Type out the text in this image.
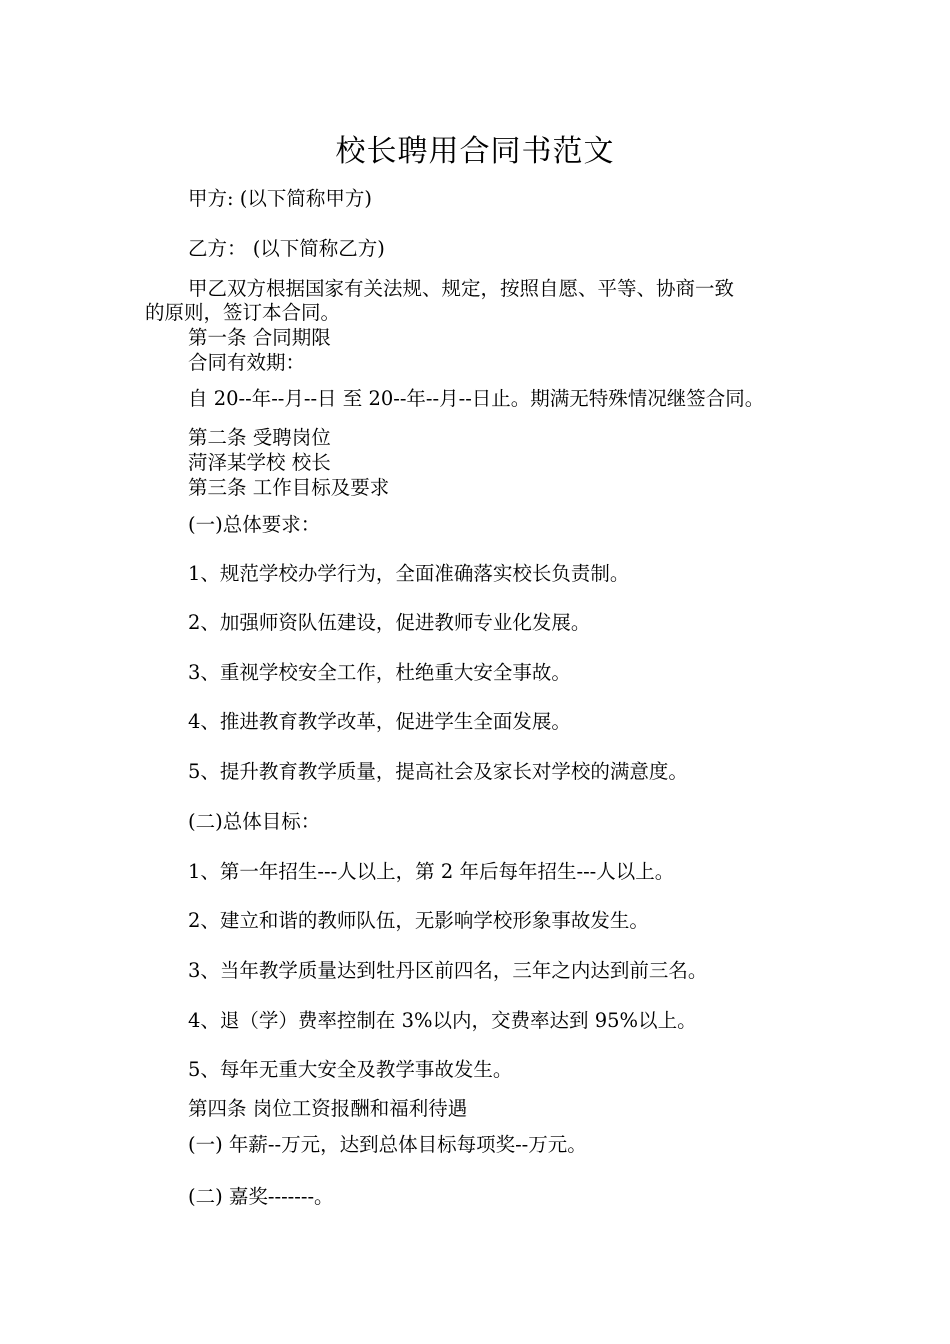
校长聘用合同书范文
甲方: (以下简称甲方)
乙方： (以下简称乙方)
甲乙双方根据国家有关法规、规定，按照自愿、平等、协商一致
的原则，签订本合同。
第一条 合同期限
合同有效期：
自 20--年--月--日 至 20--年--月--日止。期满无特殊情况继签合同。
第二条 受聘岗位
菏泽某学校 校长
第三条 工作目标及要求
(一)总体要求：
1、规范学校办学行为，全面准确落实校长负责制。
2、加强师资队伍建设，促进教师专业化发展。
3、重视学校安全工作，杜绝重大安全事故。
4、推进教育教学改革，促进学生全面发展。
5、提升教育教学质量，提高社会及家长对学校的满意度。
(二)总体目标：
1、第一年招生---人以上，第 2 年后每年招生---人以上。
2、建立和谐的教师队伍，无影响学校形象事故发生。
3、当年教学质量达到牡丹区前四名，三年之内达到前三名。
4、退（学）费率控制在 3%以内，交费率达到 95%以上。
5、每年无重大安全及教学事故发生。
第四条 岗位工资报酬和福利待遇
(一) 年薪--万元，达到总体目标每项奖--万元。
(二) 嘉奖-------。
